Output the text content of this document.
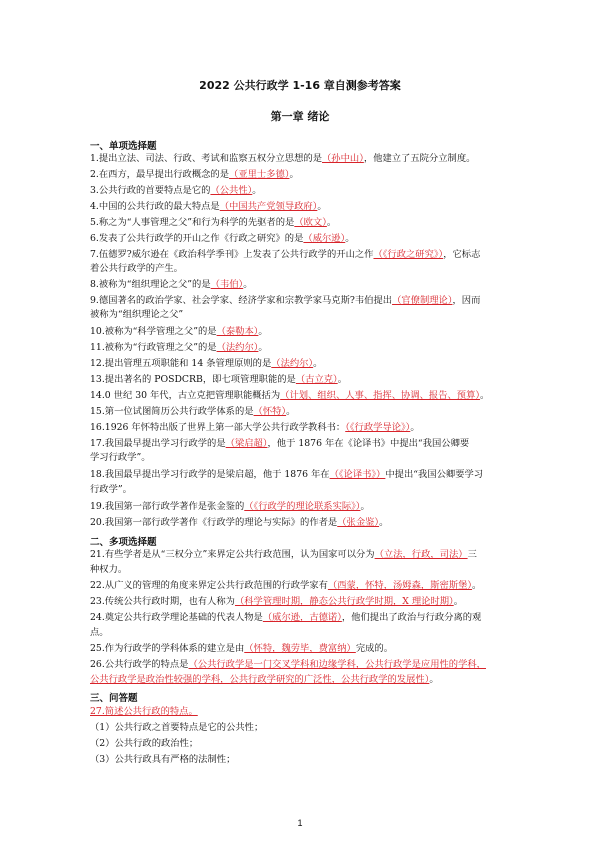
2022 公共行政学 1-16 章自测参考答案
第一章 绪论
一、单项选择题
1.提出立法、司法、行政、考试和监察五权分立思想的是（孙中山），他建立了五院分立制度。
2.在西方，最早提出行政概念的是（亚里士多德）。
3.公共行政的首要特点是它的（公共性）。
4.中国的公共行政的最大特点是（中国共产党领导政府）。
5.称之为“人事管理之父”和行为科学的先驱者的是（欧文）。
6.发表了公共行政学的开山之作《行政之研究》的是（威尔逊）。
7.伍德罗?威尔逊在《政治科学季刊》上发表了公共行政学的开山之作（《行政之研究》），它标志
着公共行政学的产生。
8.被称为“组织理论之父”的是（韦伯）。
9.德国著名的政治学家、社会学家、经济学家和宗教学家马克斯?韦伯提出（官僚制理论），因而
被称为“组织理论之父”
10.被称为“科学管理之父”的是（泰勒本）。
11.被称为“行政管理之父”的是（法约尔）。
12.提出管理五项职能和 14 条管理原则的是（法约尔）。
13.提出著名的 POSDCRB，即七项管理职能的是（古立克）。
14.0 世纪 30 年代，古立克把管理职能概括为（计划、组织、人事、指挥、协调、报告、预算）。
15.第一位试图简历公共行政学体系的是（怀特）。
16.1926 年怀特出版了世界上第一部大学公共行政学教科书：（《行政学导论》）。
17.我国最早提出学习行政学的是（梁启超），他于 1876 年在《论译书》中提出“我国公卿要
学习行政学”。
18.我国最早提出学习行政学的是梁启超，他于 1876 年在（《论译书》）中提出“我国公卿要学习
行政学”。
19.我国第一部行政学著作是张金鉴的（《行政学的理论联系实际》）。
20.我国第一部行政学著作《行政学的理论与实际》的作者是（张金鉴）。
二、多项选择题
21.有些学者是从“三权分立”来界定公共行政范围，认为国家可以分为（立法，行政，司法）三
种权力。
22.从广义的管理的角度来界定公共行政范围的行政学家有（西蒙，怀特，汤姆森，斯密斯堡）。
23.传统公共行政时期，也有人称为（科学管理时期，静态公共行政学时期，X 理论时期）。
24.奠定公共行政学理论基础的代表人物是（威尔逊，古德诺），他们提出了政治与行政分离的观
点。
25.作为行政学的学科体系的建立是由（怀特，魏劳毕，费富纳）完成的。
26.公共行政学的特点是（公共行政学是一门交叉学科和边缘学科，公共行政学是应用性的学科，
公共行政学是政治性较强的学科，公共行政学研究的广泛性，公共行政学的发展性）。
三、问答题
27.简述公共行政的特点。
（1）公共行政之首要特点是它的公共性；
（2）公共行政的政治性；
（3）公共行政具有严格的法制性；
1
